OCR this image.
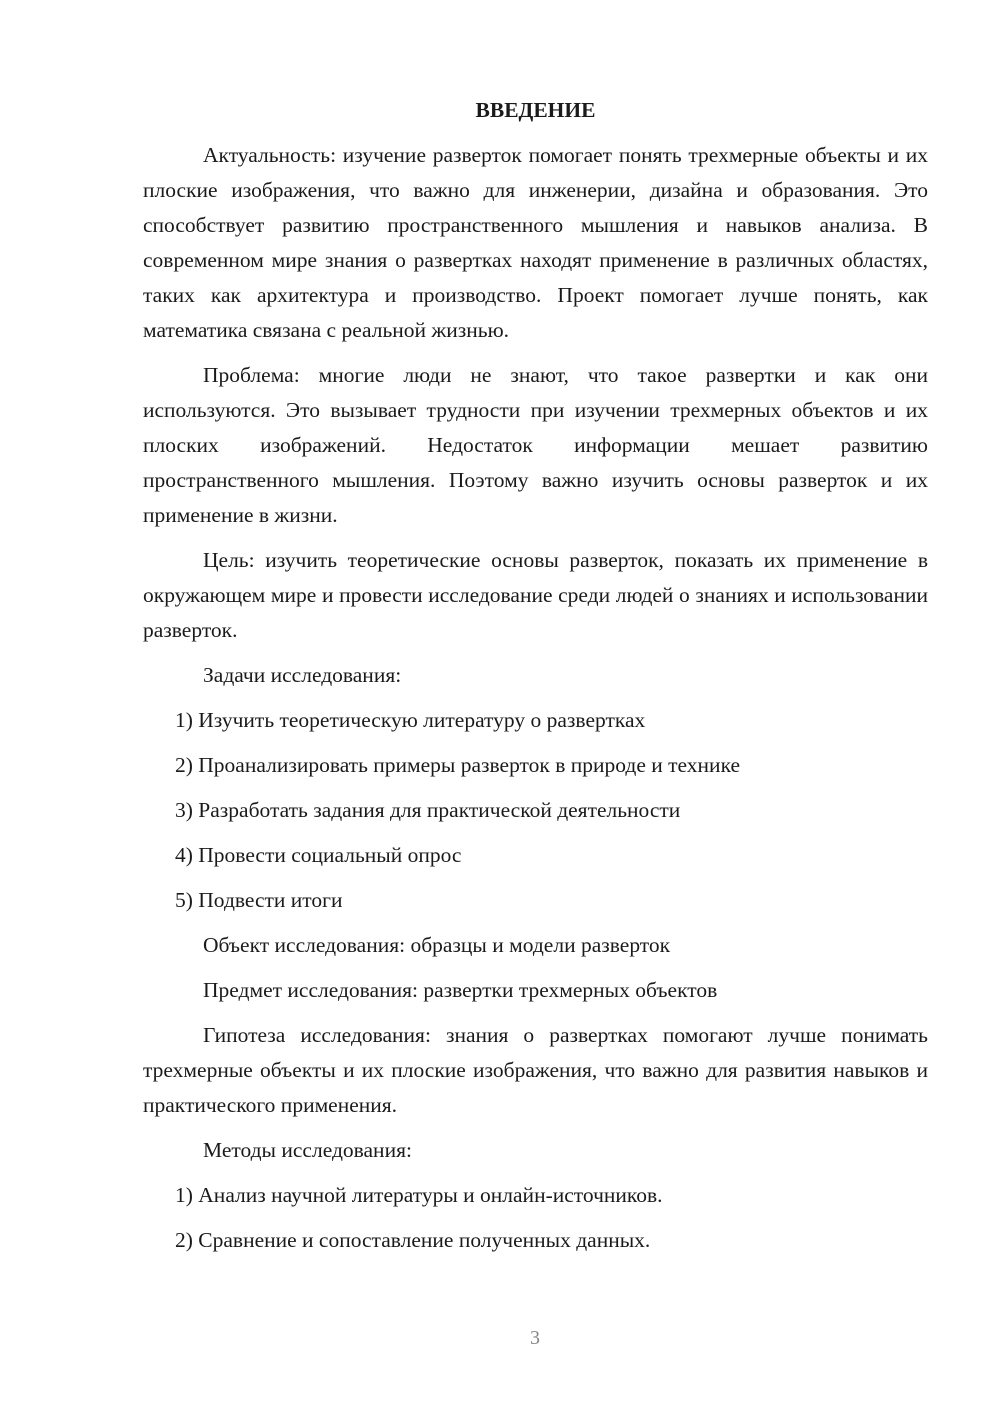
ВВЕДЕНИЕ

Актуальность: изучение разверток помогает понять трехмерные объекты и их плоские изображения, что важно для инженерии, дизайна и образования. Это способствует развитию пространственного мышления и навыков анализа. В современном мире знания о развертках находят применение в различных областях, таких как архитектура и производство. Проект помогает лучше понять, как математика связана с реальной жизнью.

Проблема: многие люди не знают, что такое развертки и как они используются. Это вызывает трудности при изучении трехмерных объектов и их плоских изображений. Недостаток информации мешает развитию пространственного мышления. Поэтому важно изучить основы разверток и их применение в жизни.

Цель: изучить теоретические основы разверток, показать их применение в окружающем мире и провести исследование среди людей о знаниях и использовании разверток.

Задачи исследования:

1) Изучить теоретическую литературу о развертках

2) Проанализировать примеры разверток в природе и технике

3) Разработать задания для практической деятельности

4) Провести социальный опрос

5) Подвести итоги

Объект исследования: образцы и модели разверток

Предмет исследования: развертки трехмерных объектов

Гипотеза исследования: знания о развертках помогают лучше понимать трехмерные объекты и их плоские изображения, что важно для развития навыков и практического применения.

Методы исследования:

1) Анализ научной литературы и онлайн-источников.

2) Сравнение и сопоставление полученных данных.

3
